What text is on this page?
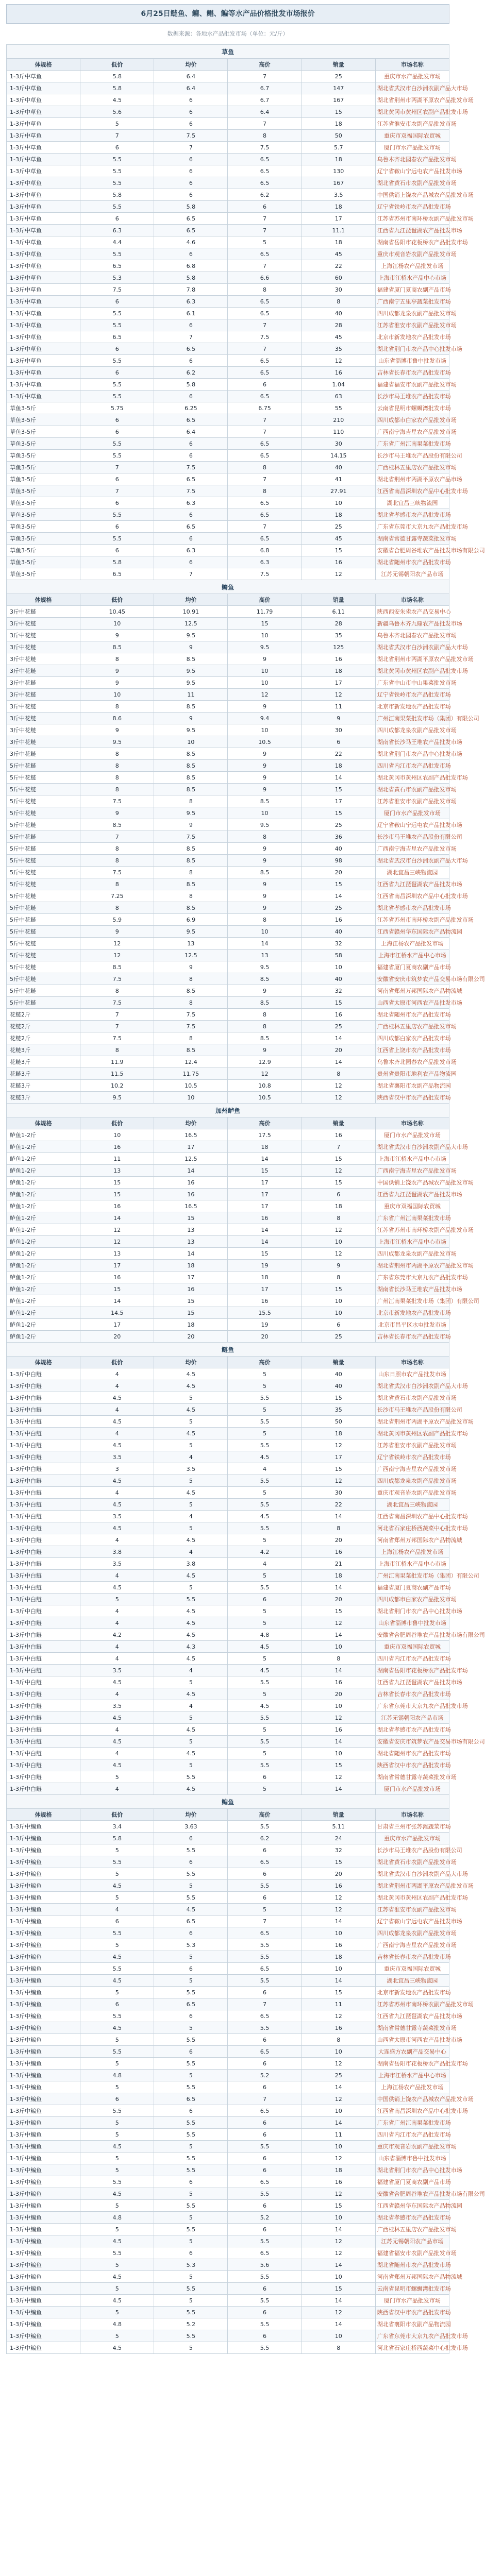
6月25日鲢鱼、鳙、鲳、鳊等水产品价格批发市场报价
数据来源：各地水产品批发市场（单位：元/斤）
草鱼					
体规格	低价	均价	高价	销量	市场名称
1-3斤中草鱼	5.8	6.4	7	25	重庆市水产品批发市场
1-3斤中草鱼	5.8	6.4	6.7	147	湖北省武汉市白沙洲农副产品大市场
1-3斤中草鱼	4.5	6	6.7	167	湖北省荆州市两湖平原农产品批发市场
1-3斤中草鱼	5.6	6	6.4	15	湖北黄冈市黄州区农副产品批发市场
1-3斤中草鱼	5	6	7	18	江苏省淮安市农副产品批发市场
1-3斤中草鱼	7	7.5	8	50	重庆市双福国际农贸城
1-3斤中草鱼	6	7	7.5	5.7	厦门市水产品批发市场
1-3斤中草鱼	5.5	6	6.5	18	乌鲁木齐北园春农产品批发市场
1-3斤中草鱼	5.5	6	6.5	130	辽宁省鞍山宁远屯农产品批发市场
1-3斤中草鱼	5.5	6	6.5	167	湖北省黄石市农副产品批发市场
1-3斤中草鱼	5.8	6	6.2	3.5	中国供销上饶农产品城农产品批发市场
1-3斤中草鱼	5.5	5.8	6	18	辽宁省铁岭市农产品批发市场
1-3斤中草鱼	6	6.5	7	17	江苏省苏州市南环桥农副产品批发市场
1-3斤中草鱼	6.3	6.5	7	11.1	江西省九江琵琶湖农产品批发市场
1-3斤中草鱼	4.4	4.6	5	18	湖南省岳阳市花板桥农产品批发市场
1-3斤中草鱼	5.5	6	6.5	45	重庆市观音岩农副产品批发市场
1-3斤中草鱼	6.5	6.8	7	22	上海江杨农产品批发市场
1-3斤中草鱼	5.3	5.8	6.6	60	上海市江桥水产品中心市场
1-3斤中草鱼	7.5	7.8	8	30	福建省厦门夏商农副产品市场
1-3斤中草鱼	6	6.3	6.5	8	广西南宁五里亭蔬菜批发市场
1-3斤中草鱼	5.5	6.1	6.5	40	四川成都龙泉农副产品批发市场
1-3斤中草鱼	5.5	6	7	28	江苏省淮安市农副产品批发市场
1-3斤中草鱼	6.5	7	7.5	45	北京市新发地农产品批发市场
1-3斤中草鱼	6	6.5	7	35	湖北省荆门市农产品中心批发市场
1-3斤中草鱼	5.5	6	6.5	12	山东省淄博市鲁中批发市场
1-3斤中草鱼	6	6.2	6.5	16	吉林省长春市农产品批发市场
1-3斤中草鱼	5.5	5.8	6	1.04	福建省福安市农副产品批发市场
1-3斤中草鱼	5.5	6	6.5	63	长沙市马王堆农产品批发市场
草鱼3-5斤	5.75	6.25	6.75	55	云南省昆明市螺蛳湾批发市场
草鱼3-5斤	6	6.5	7	210	四川成都市白家农产品批发市场
草鱼3-5斤	6	6.4	7	110	广西南宁海吉星农产品批发市场
草鱼3-5斤	5.5	6	6.5	30	广东省广州江南果菜批发市场
草鱼3-5斤	5.5	6	6.5	14.15	长沙市马王堆农产品股份有限公司
草鱼3-5斤	7	7.5	8	40	广西桂林五里店农产品批发市场
草鱼3-5斤	6	6.5	7	41	湖北省荆州市两湖平原农产品市场
草鱼3-5斤	7	7.5	8	27.91	江西省南昌深圳农产品中心批发市场
草鱼3-5斤	6	6.3	6.5	10	湖北宜昌三峡物流园
草鱼3-5斤	5.5	6	6.5	18	湖北省孝感市农产品批发市场
草鱼3-5斤	6	6.5	7	25	广东省东莞市大京九农产品批发市场
草鱼3-5斤	5.5	6	6.5	45	湖南省常德甘露寺蔬菜批发市场
草鱼3-5斤	6	6.3	6.8	15	安徽省合肥周谷堆农产品批发市场有限公司
草鱼3-5斤	5.8	6	6.3	16	湖北省随州市农产品批发市场
草鱼3-5斤	6.5	7	7.5	12	江苏无锡朝阳农产品市场
鳙鱼					
体规格	低价	均价	高价	销量	市场名称
3斤中花鲢	10.45	10.91	11.79	6.11	陕西西安朱雀农产品交易中心
3斤中花鲢	10	12.5	15	28	新疆乌鲁木齐九鼎农产品批发市场
3斤中花鲢	9	9.5	10	35	乌鲁木齐北园春农产品批发市场
3斤中花鲢	8.5	9	9.5	125	湖北省武汉市白沙洲农副产品大市场
3斤中花鲢	8	8.5	9	16	湖北省荆州市两湖平原农产品批发市场
3斤中花鲢	9	9.5	10	18	湖北黄冈市黄州区农副产品批发市场
3斤中花鲢	9	9.5	10	17	广东省中山市中山果菜批发市场
3斤中花鲢	10	11	12	12	辽宁省铁岭市农产品批发市场
3斤中花鲢	8	8.5	9	11	北京市新发地农产品批发市场
3斤中花鲢	8.6	9	9.4	9	广州江南果菜批发市场（集团）有限公司
3斤中花鲢	9	9.5	10	30	四川成都龙泉农副产品批发市场
3斤中花鲢	9.5	10	10.5	6	湖南省长沙马王堆农产品批发市场
3斤中花鲢	8	8.5	9	22	湖北省荆门市农产品中心批发市场
5斤中花鲢	8	8.5	9	18	四川省内江市农产品批发市场
5斤中花鲢	8	8.5	9	14	湖北黄冈市黄州区农副产品批发市场
5斤中花鲢	8	8.5	9	15	湖北省黄石市农副产品批发市场
5斤中花鲢	7.5	8	8.5	17	江苏省淮安市农副产品批发市场
5斤中花鲢	9	9.5	10	15	厦门市水产品批发市场
5斤中花鲢	8.5	9	9.5	25	辽宁省鞍山宁远屯农产品批发市场
5斤中花鲢	7	7.5	8	36	长沙市马王堆农产品股份有限公司
5斤中花鲢	8	8.5	9	40	广西南宁海吉星农产品批发市场
5斤中花鲢	8	8.5	9	98	湖北省武汉市白沙洲农副产品大市场
5斤中花鲢	7.5	8	8.5	20	湖北宜昌三峡物流园
5斤中花鲢	8	8.5	9	15	江西省九江琵琶湖农产品批发市场
5斤中花鲢	7.25	8	9	14	江西省南昌深圳农产品中心批发市场
5斤中花鲢	8	8.5	9	25	湖北省孝感市农产品批发市场
5斤中花鲢	5.9	6.9	8	16	江苏省苏州市南环桥农副产品批发市场
5斤中花鲢	9	9.5	10	40	江西省赣州华东国际农产品物流园
5斤中花鲢	12	13	14	32	上海江杨农产品批发市场
5斤中花鲢	12	12.5	13	58	上海市江桥水产品中心市场
5斤中花鲢	8.5	9	9.5	10	福建省厦门夏商农副产品市场
5斤中花鲢	7.5	8	8.5	40	安徽省安庆市筑梦农产品交易市场有限公司
5斤中花鲢	8	8.5	9	32	河南省郑州万邦国际农产品物流城
5斤中花鲢	7.5	8	8.5	15	山西省太原市河西农产品批发市场
花鲢2斤	7	7.5	8	16	湖北省随州市农产品批发市场
花鲢2斤	7	7.5	8	25	广西桂林五里店农产品批发市场
花鲢2斤	7.5	8	8.5	14	四川成都白家农产品批发市场
花鲢3斤	8	8.5	9	20	江西省上饶市农产品批发市场
花鲢3斤	11.9	12.4	12.9	14	乌鲁木齐北园春农产品批发市场
花鲢3斤	11.5	11.75	12	8	贵州省贵阳市地利农产品物流园
花鲢3斤	10.2	10.5	10.8	12	湖北省襄阳市农副产品物流园
花鲢3斤	9.5	10	10.5	12	陕西省汉中市农产品批发市场
加州鲈鱼					
体规格	低价	均价	高价	销量	市场名称
鲈鱼1-2斤	10	16.5	17.5	16	厦门市水产品批发市场
鲈鱼1-2斤	16	17	18	7	湖北省武汉市白沙洲农副产品大市场
鲈鱼1-2斤	11	12.5	14	15	上海市江桥水产品中心市场
鲈鱼1-2斤	13	14	15	12	广西南宁海吉星农产品批发市场
鲈鱼1-2斤	15	16	17	15	中国供销上饶农产品城农产品批发市场
鲈鱼1-2斤	15	16	17	6	江西省九江琵琶湖农产品批发市场
鲈鱼1-2斤	16	16.5	17	18	重庆市双福国际农贸城
鲈鱼1-2斤	14	15	16	8	广东省广州江南果菜批发市场
鲈鱼1-2斤	12	13	14	12	江苏省苏州市南环桥农副产品批发市场
鲈鱼1-2斤	12	13	14	10	上海市江桥水产品中心市场
鲈鱼1-2斤	13	14	15	12	四川成都龙泉农副产品批发市场
鲈鱼1-2斤	17	18	19	9	湖北省荆州市两湖平原农产品批发市场
鲈鱼1-2斤	16	17	18	8	广东省东莞市大京九农产品批发市场
鲈鱼1-2斤	15	16	17	15	湖南省长沙马王堆农产品批发市场
鲈鱼1-2斤	14	15	16	10	广州江南果菜批发市场（集团）有限公司
鲈鱼1-2斤	14.5	15	15.5	10	北京市新发地农产品批发市场
鲈鱼1-2斤	17	18	19	6	北京市昌平区水屯批发市场
鲈鱼1-2斤	20	20	20	25	吉林省长春市农产品批发市场
鲢鱼					
体规格	低价	均价	高价	销量	市场名称
1-3斤中白鲢	4	4.5	5	40	山东日照市农产品批发市场
1-3斤中白鲢	4	4.5	5	40	湖北省武汉市白沙洲农副产品大市场
1-3斤中白鲢	4.5	5	5.5	15	湖北省黄石市农副产品批发市场
1-3斤中白鲢	4	4.5	5	35	长沙市马王堆农产品股份有限公司
1-3斤中白鲢	4.5	5	5.5	50	湖北省荆州市两湖平原农产品批发市场
1-3斤中白鲢	4	4.5	5	18	湖北黄冈市黄州区农副产品批发市场
1-3斤中白鲢	4.5	5	5.5	12	江苏省淮安市农副产品批发市场
1-3斤中白鲢	3.5	4	4.5	17	辽宁省铁岭市农产品批发市场
1-3斤中白鲢	3	3.5	4	15	广西南宁海吉星农产品批发市场
1-3斤中白鲢	4.5	5	5.5	12	四川成都龙泉农副产品批发市场
1-3斤中白鲢	4	4.5	5	30	重庆市观音岩农副产品批发市场
1-3斤中白鲢	4.5	5	5.5	22	湖北宜昌三峡物流园
1-3斤中白鲢	3.5	4	4.5	14	江西省南昌深圳农产品中心批发市场
1-3斤中白鲢	4.5	5	5.5	8	河北省石家庄桥西蔬菜中心批发市场
1-3斤中白鲢	4	4.5	5	20	河南省郑州万邦国际农产品物流城
1-3斤中白鲢	3.8	4	4.2	16	上海江杨农产品批发市场
1-3斤中白鲢	3.5	3.8	4	21	上海市江桥水产品中心市场
1-3斤中白鲢	4	4.5	5	18	广州江南果菜批发市场（集团）有限公司
1-3斤中白鲢	4.5	5	5.5	14	福建省厦门夏商农副产品市场
1-3斤中白鲢	5	5.5	6	20	四川成都市白家农产品批发市场
1-3斤中白鲢	4	4.5	5	15	湖北省荆门市农产品中心批发市场
1-3斤中白鲢	4	4.5	5	12	山东省淄博市鲁中批发市场
1-3斤中白鲢	4.2	4.5	4.8	14	安徽省合肥周谷堆农产品批发市场有限公司
1-3斤中白鲢	4	4.3	4.5	10	重庆市双福国际农贸城
1-3斤中白鲢	4	4.5	5	8	四川省内江市农产品批发市场
1-3斤中白鲢	3.5	4	4.5	14	湖南省岳阳市花板桥农产品批发市场
1-3斤中白鲢	4.5	5	5.5	16	江西省九江琵琶湖农产品批发市场
1-3斤中白鲢	4	4.5	5	20	吉林省长春市农产品批发市场
1-3斤中白鲢	3.5	4	4.5	10	广东省东莞市大京九农产品批发市场
1-3斤中白鲢	4.5	5	5.5	12	江苏无锡朝阳农产品市场
1-3斤中白鲢	4	4.5	5	16	湖北省孝感市农产品批发市场
1-3斤中白鲢	4.5	5	5.5	14	安徽省安庆市筑梦农产品交易市场有限公司
1-3斤中白鲢	4	4.5	5	10	湖北省随州市农产品批发市场
1-3斤中白鲢	4.5	5	5.5	15	陕西省汉中市农产品批发市场
1-3斤中白鲢	5	5.5	6	12	湖南省常德甘露寺蔬菜批发市场
1-3斤中白鲢	4	4.5	5	14	厦门市水产品批发市场
鳊鱼					
体规格	低价	均价	高价	销量	市场名称
1-3斤中鳊鱼	3.4	3.63	5.5	5.11	甘肃省兰州市张苏滩蔬菜市场
1-3斤中鳊鱼	5.8	6	6.2	24	重庆市水产品批发市场
1-3斤中鳊鱼	5	5.5	6	32	长沙市马王堆农产品股份有限公司
1-3斤中鳊鱼	5.5	6	6.5	15	湖北省黄石市农副产品批发市场
1-3斤中鳊鱼	5	5.5	6	20	湖北省武汉市白沙洲农副产品大市场
1-3斤中鳊鱼	4.5	5	5.5	16	湖北省荆州市两湖平原农产品批发市场
1-3斤中鳊鱼	5	5.5	6	12	湖北黄冈市黄州区农副产品批发市场
1-3斤中鳊鱼	4	4.5	5	12	江苏省淮安市农副产品批发市场
1-3斤中鳊鱼	6	6.5	7	14	辽宁省鞍山宁远屯农产品批发市场
1-3斤中鳊鱼	5.5	6	6.5	10	四川成都龙泉农副产品批发市场
1-3斤中鳊鱼	5	5.3	5.5	16	广西南宁海吉星农产品批发市场
1-3斤中鳊鱼	4.5	5	5.5	18	吉林省长春市农产品批发市场
1-3斤中鳊鱼	5.5	6	6.5	10	重庆市双福国际农贸城
1-3斤中鳊鱼	4.5	5	5.5	14	湖北宜昌三峡物流园
1-3斤中鳊鱼	5	5.5	6	15	北京市新发地农产品批发市场
1-3斤中鳊鱼	6	6.5	7	11	江苏省苏州市南环桥农副产品批发市场
1-3斤中鳊鱼	5.5	6	6.5	12	江西省九江琵琶湖农产品批发市场
1-3斤中鳊鱼	4.5	5	5.5	16	湖南省常德甘露寺蔬菜批发市场
1-3斤中鳊鱼	5	5.5	6	8	山西省太原市河西农产品批发市场
1-3斤中鳊鱼	5.5	6	6.5	10	大连盛方农副产品交易中心
1-3斤中鳊鱼	5	5.5	6	12	湖南省岳阳市花板桥农产品批发市场
1-3斤中鳊鱼	4.8	5	5.2	25	上海市江桥水产品中心市场
1-3斤中鳊鱼	5	5.5	6	14	上海江杨农产品批发市场
1-3斤中鳊鱼	6	6.5	7	12	中国供销上饶农产品城农产品批发市场
1-3斤中鳊鱼	5.5	6	6.5	10	江西省南昌深圳农产品中心批发市场
1-3斤中鳊鱼	5	5.5	6	14	广东省广州江南果菜批发市场
1-3斤中鳊鱼	5	5.5	6	11	四川省内江市农产品批发市场
1-3斤中鳊鱼	4.5	5	5.5	10	重庆市观音岩农副产品批发市场
1-3斤中鳊鱼	5	5.5	6	12	山东省淄博市鲁中批发市场
1-3斤中鳊鱼	5	5.5	6	18	湖北省荆门市农产品中心批发市场
1-3斤中鳊鱼	5.5	6	6.5	16	福建省厦门夏商农副产品市场
1-3斤中鳊鱼	4.5	5	5.5	12	安徽省合肥周谷堆农产品批发市场有限公司
1-3斤中鳊鱼	5	5.5	6	15	江西省赣州华东国际农产品物流园
1-3斤中鳊鱼	4.8	5	5.2	10	湖北省孝感市农产品批发市场
1-3斤中鳊鱼	5	5.5	6	14	广西桂林五里店农产品批发市场
1-3斤中鳊鱼	4.5	5	5.5	12	江苏无锡朝阳农产品市场
1-3斤中鳊鱼	5.5	6	6.5	12	福建省福安市农副产品批发市场
1-3斤中鳊鱼	5	5.3	5.6	14	湖北省随州市农产品批发市场
1-3斤中鳊鱼	4.5	5	5.5	10	河南省郑州万邦国际农产品物流城
1-3斤中鳊鱼	5	5.5	6	15	云南省昆明市螺蛳湾批发市场
1-3斤中鳊鱼	4.5	5	5.5	14	厦门市水产品批发市场
1-3斤中鳊鱼	5	5.5	6	12	陕西省汉中市农产品批发市场
1-3斤中鳊鱼	4.8	5.2	5.5	14	湖北省襄阳市农副产品物流园
1-3斤中鳊鱼	5	5.5	6	10	广东省东莞市大京九农产品批发市场
1-3斤中鳊鱼	4.5	5	5.5	8	河北省石家庄桥西蔬菜中心批发市场
